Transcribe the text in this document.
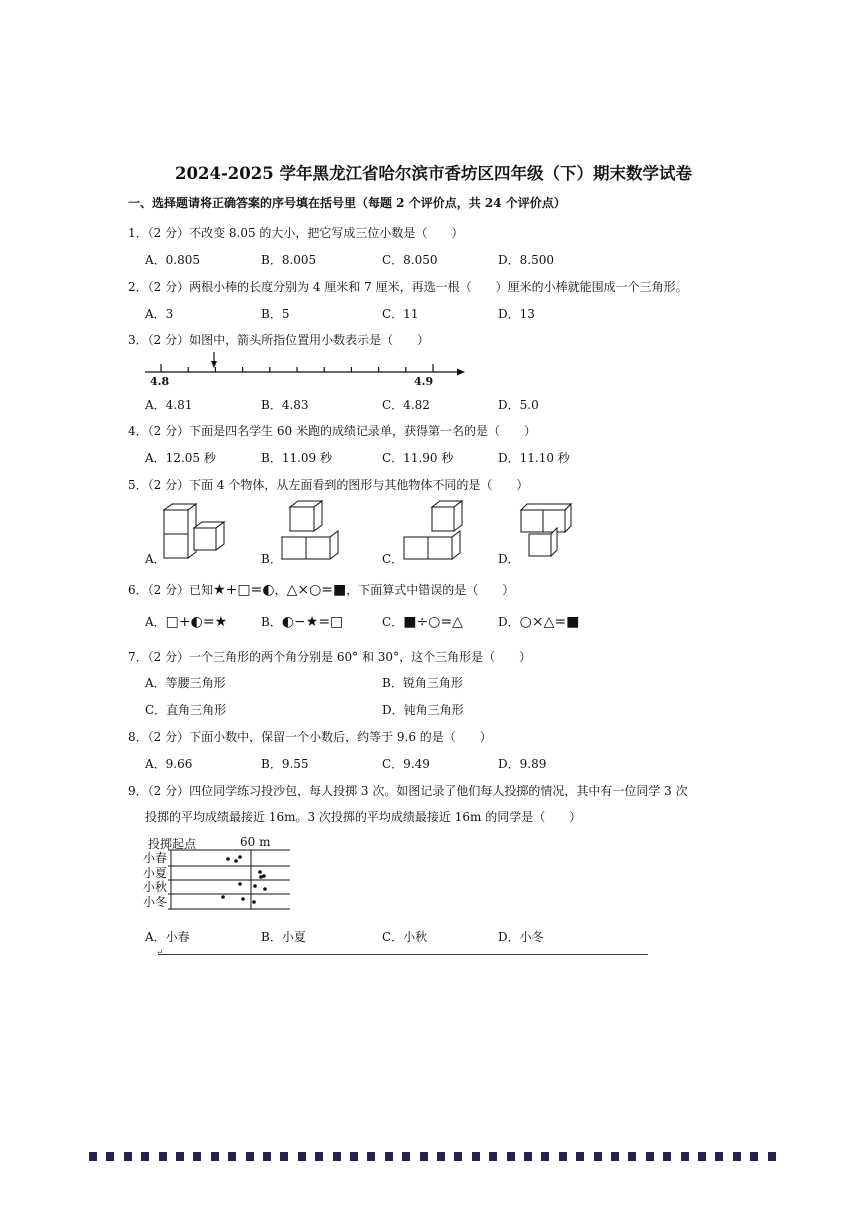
2024-2025 学年黑龙江省哈尔滨市香坊区四年级（下）期末数学试卷
一、选择题请将正确答案的序号填在括号里（每题 2 个评价点，共 24 个评价点）
1．（2 分）不改变 8.05 的大小，把它写成三位小数是（　　）
A．0.805	B．8.005	C．8.050	D．8.500
2．（2 分）两根小棒的长度分别为 4 厘米和 7 厘米，再选一根（　　）厘米的小棒就能围成一个三角形。
A．3	B．5	C．11	D．13
3．（2 分）如图中，箭头所指位置用小数表示是（　　）
4.8	4.9
A．4.81	B．4.83	C．4.82	D．5.0
4．（2 分）下面是四名学生 60 米跑的成绩记录单，获得第一名的是（　　）
A．12.05 秒	B．11.09 秒	C．11.90 秒	D．11.10 秒
5．（2 分）下面 4 个物体，从左面看到的图形与其他物体不同的是（　　）
A．	B．	C．	D．
6．（2 分）已知★+□=◐，△×○=■，下面算式中错误的是（　　）
A．□+◐=★	B．◐−★=□	C．■÷○=△	D．○×△=■
7．（2 分）一个三角形的两个角分别是 60° 和 30°，这个三角形是（　　）
A．等腰三角形	B．锐角三角形
C．直角三角形	D．钝角三角形
8．（2 分）下面小数中，保留一个小数后，约等于 9.6 的是（　　）
A．9.66	B．9.55	C．9.49	D．9.89
9．（2 分）四位同学练习投沙包，每人投掷 3 次。如图记录了他们每人投掷的情况，其中有一位同学 3 次
投掷的平均成绩最接近 16m。3 次投掷的平均成绩最接近 16m 的同学是（　　）
投掷起点	60 m
小春
小夏
小秋
小冬
A．小春	B．小夏	C．小秋	D．小冬
↵
